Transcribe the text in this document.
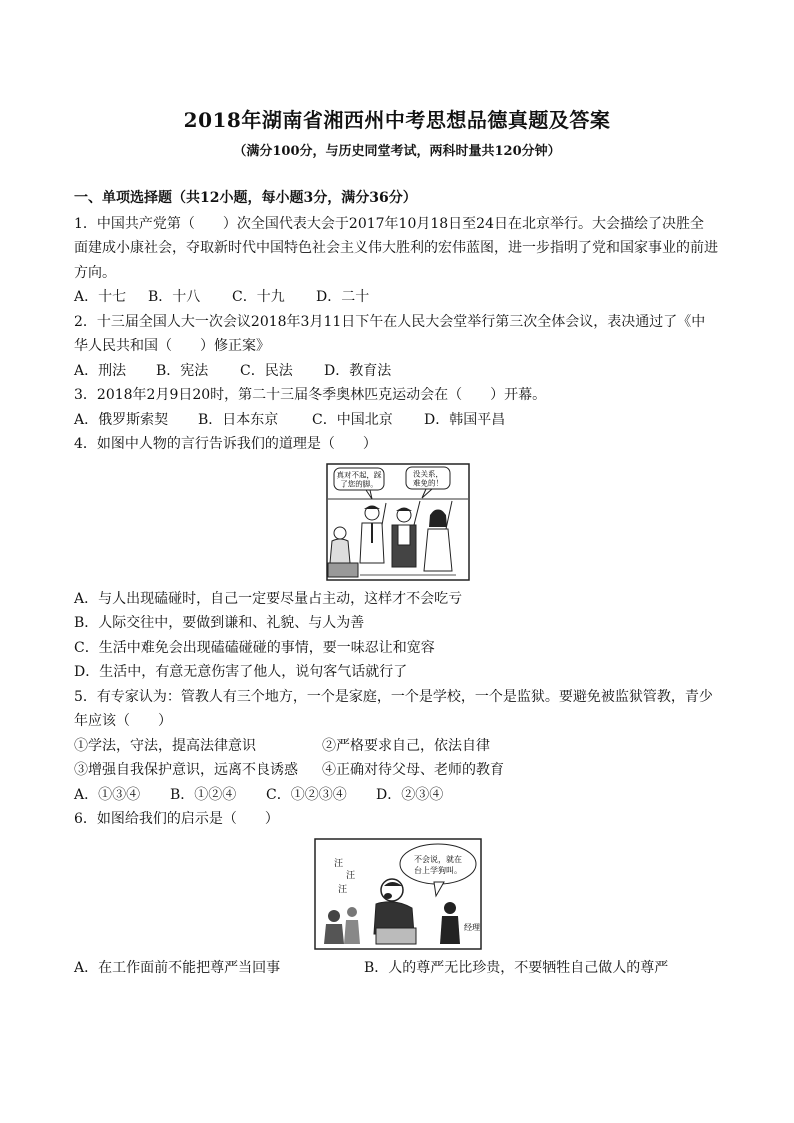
2018年湖南省湘西州中考思想品德真题及答案
（满分100分，与历史同堂考试，两科时量共120分钟）
一、单项选择题（共12小题，每小题3分，满分36分）
1．中国共产党第（　　）次全国代表大会于2017年10月18日至24日在北京举行。大会描绘了决胜全
面建成小康社会，夺取新时代中国特色社会主义伟大胜利的宏伟蓝图，进一步指明了党和国家事业的前进
方向。
A．十七	B．十八	C．十九	D．二十
2．十三届全国人大一次会议2018年3月11日下午在人民大会堂举行第三次全体会议，表决通过了《中
华人民共和国（　　）修正案》
A．刑法	B．宪法	C．民法	D．教育法
3．2018年2月9日20时，第二十三届冬季奥林匹克运动会在（　　）开幕。
A．俄罗斯索契	B．日本东京	C．中国北京	D．韩国平昌
4．如图中人物的言行告诉我们的道理是（　　）
真对不起，踩
了您的脚。
没关系，
难免的！
A．与人出现磕碰时，自己一定要尽量占主动，这样才不会吃亏
B．人际交往中，要做到谦和、礼貌、与人为善
C．生活中难免会出现磕磕碰碰的事情，要一味忍让和宽容
D．生活中，有意无意伤害了他人，说句客气话就行了
5．有专家认为：管教人有三个地方，一个是家庭，一个是学校，一个是监狱。要避免被监狱管教，青少
年应该（　　）
①学法，守法，提高法律意识	②严格要求自己，依法自律
③增强自我保护意识，远离不良诱惑	④正确对待父母、老师的教育
A．①③④	B．①②④	C．①②③④	D．②③④
6．如图给我们的启示是（　　）
汪
汪
汪
不会说，就在
台上学狗叫。
经理
A．在工作面前不能把尊严当回事	B．人的尊严无比珍贵，不要牺牲自己做人的尊严
